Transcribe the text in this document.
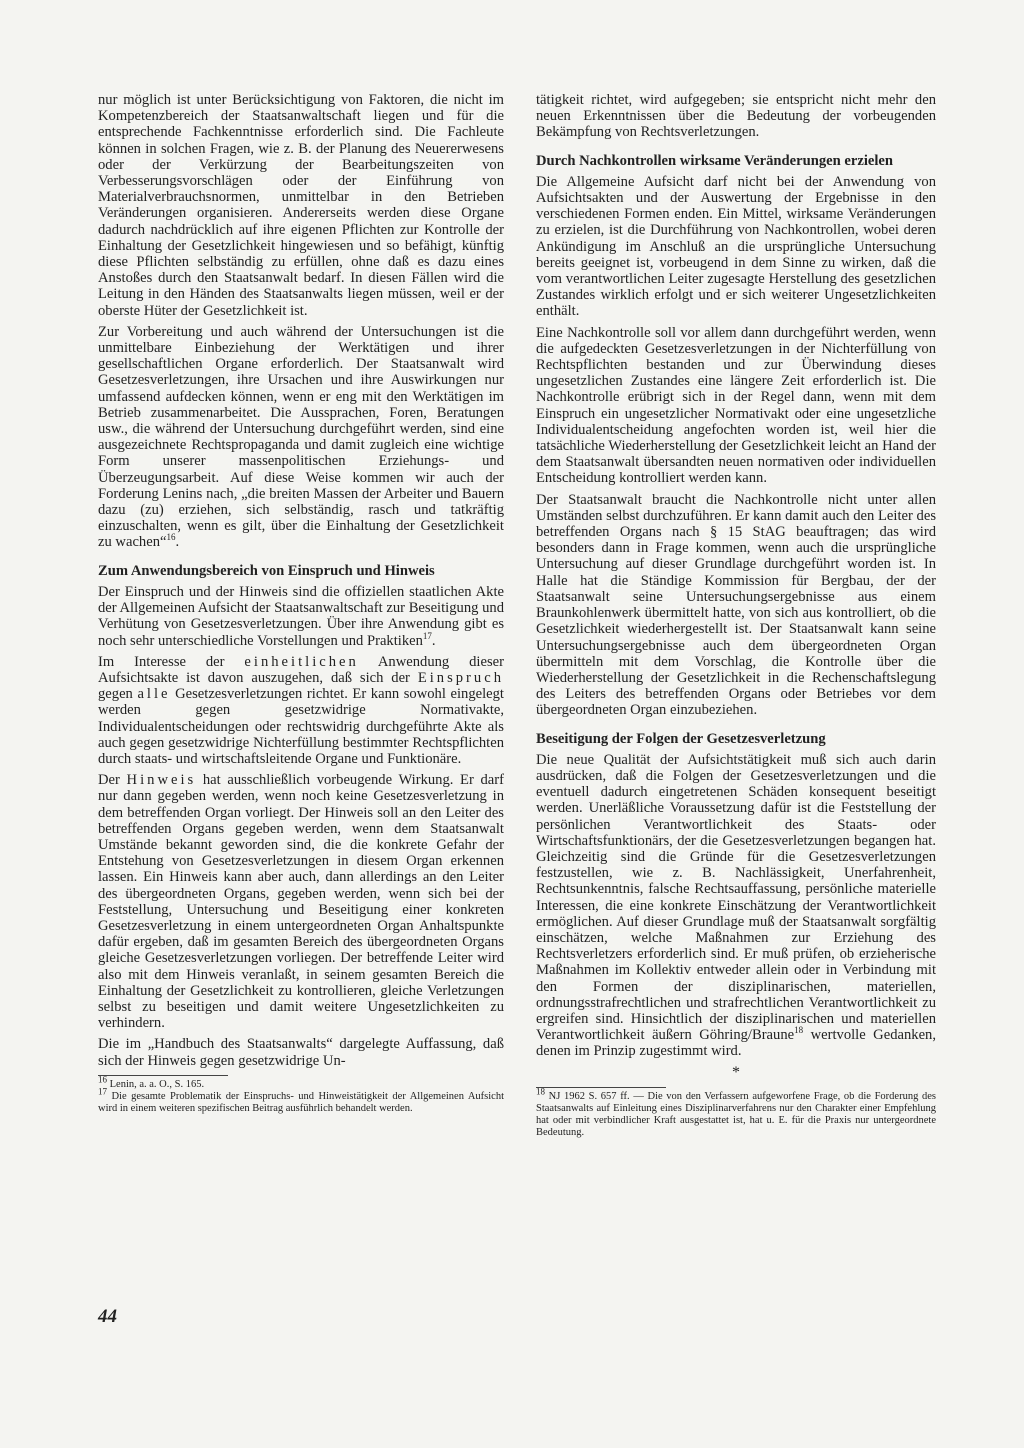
nur möglich ist unter Berücksichtigung von Faktoren, die nicht im Kompetenzbereich der Staatsanwaltschaft liegen und für die entsprechende Fachkenntnisse erforderlich sind. Die Fachleute können in solchen Fragen, wie z. B. der Planung des Neuererwesens oder der Verkürzung der Bearbeitungszeiten von Verbesserungsvorschlägen oder der Einführung von Materialverbrauchsnormen, unmittelbar in den Betrieben Veränderungen organisieren. Andererseits werden diese Organe dadurch nachdrücklich auf ihre eigenen Pflichten zur Kontrolle der Einhaltung der Gesetzlichkeit hingewiesen und so befähigt, künftig diese Pflichten selbständig zu erfüllen, ohne daß es dazu eines Anstoßes durch den Staatsanwalt bedarf. In diesen Fällen wird die Leitung in den Händen des Staatsanwalts liegen müssen, weil er der oberste Hüter der Gesetzlichkeit ist.

Zur Vorbereitung und auch während der Untersuchungen ist die unmittelbare Einbeziehung der Werktätigen und ihrer gesellschaftlichen Organe erforderlich. Der Staatsanwalt wird Gesetzesverletzungen, ihre Ursachen und ihre Auswirkungen nur umfassend aufdecken können, wenn er eng mit den Werktätigen im Betrieb zusammenarbeitet. Die Aussprachen, Foren, Beratungen usw., die während der Untersuchung durchgeführt werden, sind eine ausgezeichnete Rechtspropaganda und damit zugleich eine wichtige Form unserer massenpolitischen Erziehungs- und Überzeugungsarbeit. Auf diese Weise kommen wir auch der Forderung Lenins nach, „die breiten Massen der Arbeiter und Bauern dazu (zu) erziehen, sich selbständig, rasch und tatkräftig einzuschalten, wenn es gilt, über die Einhaltung der Gesetzlichkeit zu wachen“$^{16}$.

Zum Anwendungsbereich von Einspruch und Hinweis

Der Einspruch und der Hinweis sind die offiziellen staatlichen Akte der Allgemeinen Aufsicht der Staatsanwaltschaft zur Beseitigung und Verhütung von Gesetzesverletzungen. Über ihre Anwendung gibt es noch sehr unterschiedliche Vorstellungen und Praktiken$^{17}$.

Im Interesse der einheitlichen Anwendung dieser Aufsichtsakte ist davon auszugehen, daß sich der Einspruch gegen alle Gesetzesverletzungen richtet. Er kann sowohl eingelegt werden gegen gesetzwidrige Normativakte, Individualentscheidungen oder rechtswidrig durchgeführte Akte als auch gegen gesetzwidrige Nichterfüllung bestimmter Rechtspflichten durch staats- und wirtschaftsleitende Organe und Funktionäre.

Der Hinweis hat ausschließlich vorbeugende Wirkung. Er darf nur dann gegeben werden, wenn noch keine Gesetzesverletzung in dem betreffenden Organ vorliegt. Der Hinweis soll an den Leiter des betreffenden Organs gegeben werden, wenn dem Staatsanwalt Umstände bekannt geworden sind, die die konkrete Gefahr der Entstehung von Gesetzesverletzungen in diesem Organ erkennen lassen. Ein Hinweis kann aber auch, dann allerdings an den Leiter des übergeordneten Organs, gegeben werden, wenn sich bei der Feststellung, Untersuchung und Beseitigung einer konkreten Gesetzesverletzung in einem untergeordneten Organ Anhaltspunkte dafür ergeben, daß im gesamten Bereich des übergeordneten Organs gleiche Gesetzesverletzungen vorliegen. Der betreffende Leiter wird also mit dem Hinweis veranlaßt, in seinem gesamten Bereich die Einhaltung der Gesetzlichkeit zu kontrollieren, gleiche Verletzungen selbst zu beseitigen und damit weitere Ungesetzlichkeiten zu verhindern.

Die im „Handbuch des Staatsanwalts“ dargelegte Auffassung, daß sich der Hinweis gegen gesetzwidrige Un-

$^{16}$ Lenin, a. a. O., S. 165.

$^{17}$ Die gesamte Problematik der Einspruchs- und Hinweistätigkeit der Allgemeinen Aufsicht wird in einem weiteren spezifischen Beitrag ausführlich behandelt werden.

tätigkeit richtet, wird aufgegeben; sie entspricht nicht mehr den neuen Erkenntnissen über die Bedeutung der vorbeugenden Bekämpfung von Rechtsverletzungen.

Durch Nachkontrollen wirksame Veränderungen erzielen

Die Allgemeine Aufsicht darf nicht bei der Anwendung von Aufsichtsakten und der Auswertung der Ergebnisse in den verschiedenen Formen enden. Ein Mittel, wirksame Veränderungen zu erzielen, ist die Durchführung von Nachkontrollen, wobei deren Ankündigung im Anschluß an die ursprüngliche Untersuchung bereits geeignet ist, vorbeugend in dem Sinne zu wirken, daß die vom verantwortlichen Leiter zugesagte Herstellung des gesetzlichen Zustandes wirklich erfolgt und er sich weiterer Ungesetzlichkeiten enthält.

Eine Nachkontrolle soll vor allem dann durchgeführt werden, wenn die aufgedeckten Gesetzesverletzungen in der Nichterfüllung von Rechtspflichten bestanden und zur Überwindung dieses ungesetzlichen Zustandes eine längere Zeit erforderlich ist. Die Nachkontrolle erübrigt sich in der Regel dann, wenn mit dem Einspruch ein ungesetzlicher Normativakt oder eine ungesetzliche Individualentscheidung angefochten worden ist, weil hier die tatsächliche Wiederherstellung der Gesetzlichkeit leicht an Hand der dem Staatsanwalt übersandten neuen normativen oder individuellen Entscheidung kontrolliert werden kann.

Der Staatsanwalt braucht die Nachkontrolle nicht unter allen Umständen selbst durchzuführen. Er kann damit auch den Leiter des betreffenden Organs nach § 15 StAG beauftragen; das wird besonders dann in Frage kommen, wenn auch die ursprüngliche Untersuchung auf dieser Grundlage durchgeführt worden ist. In Halle hat die Ständige Kommission für Bergbau, der der Staatsanwalt seine Untersuchungsergebnisse aus einem Braunkohlenwerk übermittelt hatte, von sich aus kontrolliert, ob die Gesetzlichkeit wiederhergestellt ist. Der Staatsanwalt kann seine Untersuchungsergebnisse auch dem übergeordneten Organ übermitteln mit dem Vorschlag, die Kontrolle über die Wiederherstellung der Gesetzlichkeit in die Rechenschaftslegung des Leiters des betreffenden Organs oder Betriebes vor dem übergeordneten Organ einzubeziehen.

Beseitigung der Folgen der Gesetzesverletzung

Die neue Qualität der Aufsichtstätigkeit muß sich auch darin ausdrücken, daß die Folgen der Gesetzesverletzungen und die eventuell dadurch eingetretenen Schäden konsequent beseitigt werden. Unerläßliche Voraussetzung dafür ist die Feststellung der persönlichen Verantwortlichkeit des Staats- oder Wirtschaftsfunktionärs, der die Gesetzesverletzungen begangen hat. Gleichzeitig sind die Gründe für die Gesetzesverletzungen festzustellen, wie z. B. Nachlässigkeit, Unerfahrenheit, Rechtsunkenntnis, falsche Rechtsauffassung, persönliche materielle Interessen, die eine konkrete Einschätzung der Verantwortlichkeit ermöglichen. Auf dieser Grundlage muß der Staatsanwalt sorgfältig einschätzen, welche Maßnahmen zur Erziehung des Rechtsverletzers erforderlich sind. Er muß prüfen, ob erzieherische Maßnahmen im Kollektiv entweder allein oder in Verbindung mit den Formen der disziplinarischen, materiellen, ordnungsstrafrechtlichen und strafrechtlichen Verantwortlichkeit zu ergreifen sind. Hinsichtlich der disziplinarischen und materiellen Verantwortlichkeit äußern Göhring/Braune$^{18}$ wertvolle Gedanken, denen im Prinzip zugestimmt wird.

*

$^{18}$ NJ 1962 S. 657 ff. — Die von den Verfassern aufgeworfene Frage, ob die Forderung des Staatsanwalts auf Einleitung eines Disziplinarverfahrens nur den Charakter einer Empfehlung hat oder mit verbindlicher Kraft ausgestattet ist, hat u. E. für die Praxis nur untergeordnete Bedeutung.

44
